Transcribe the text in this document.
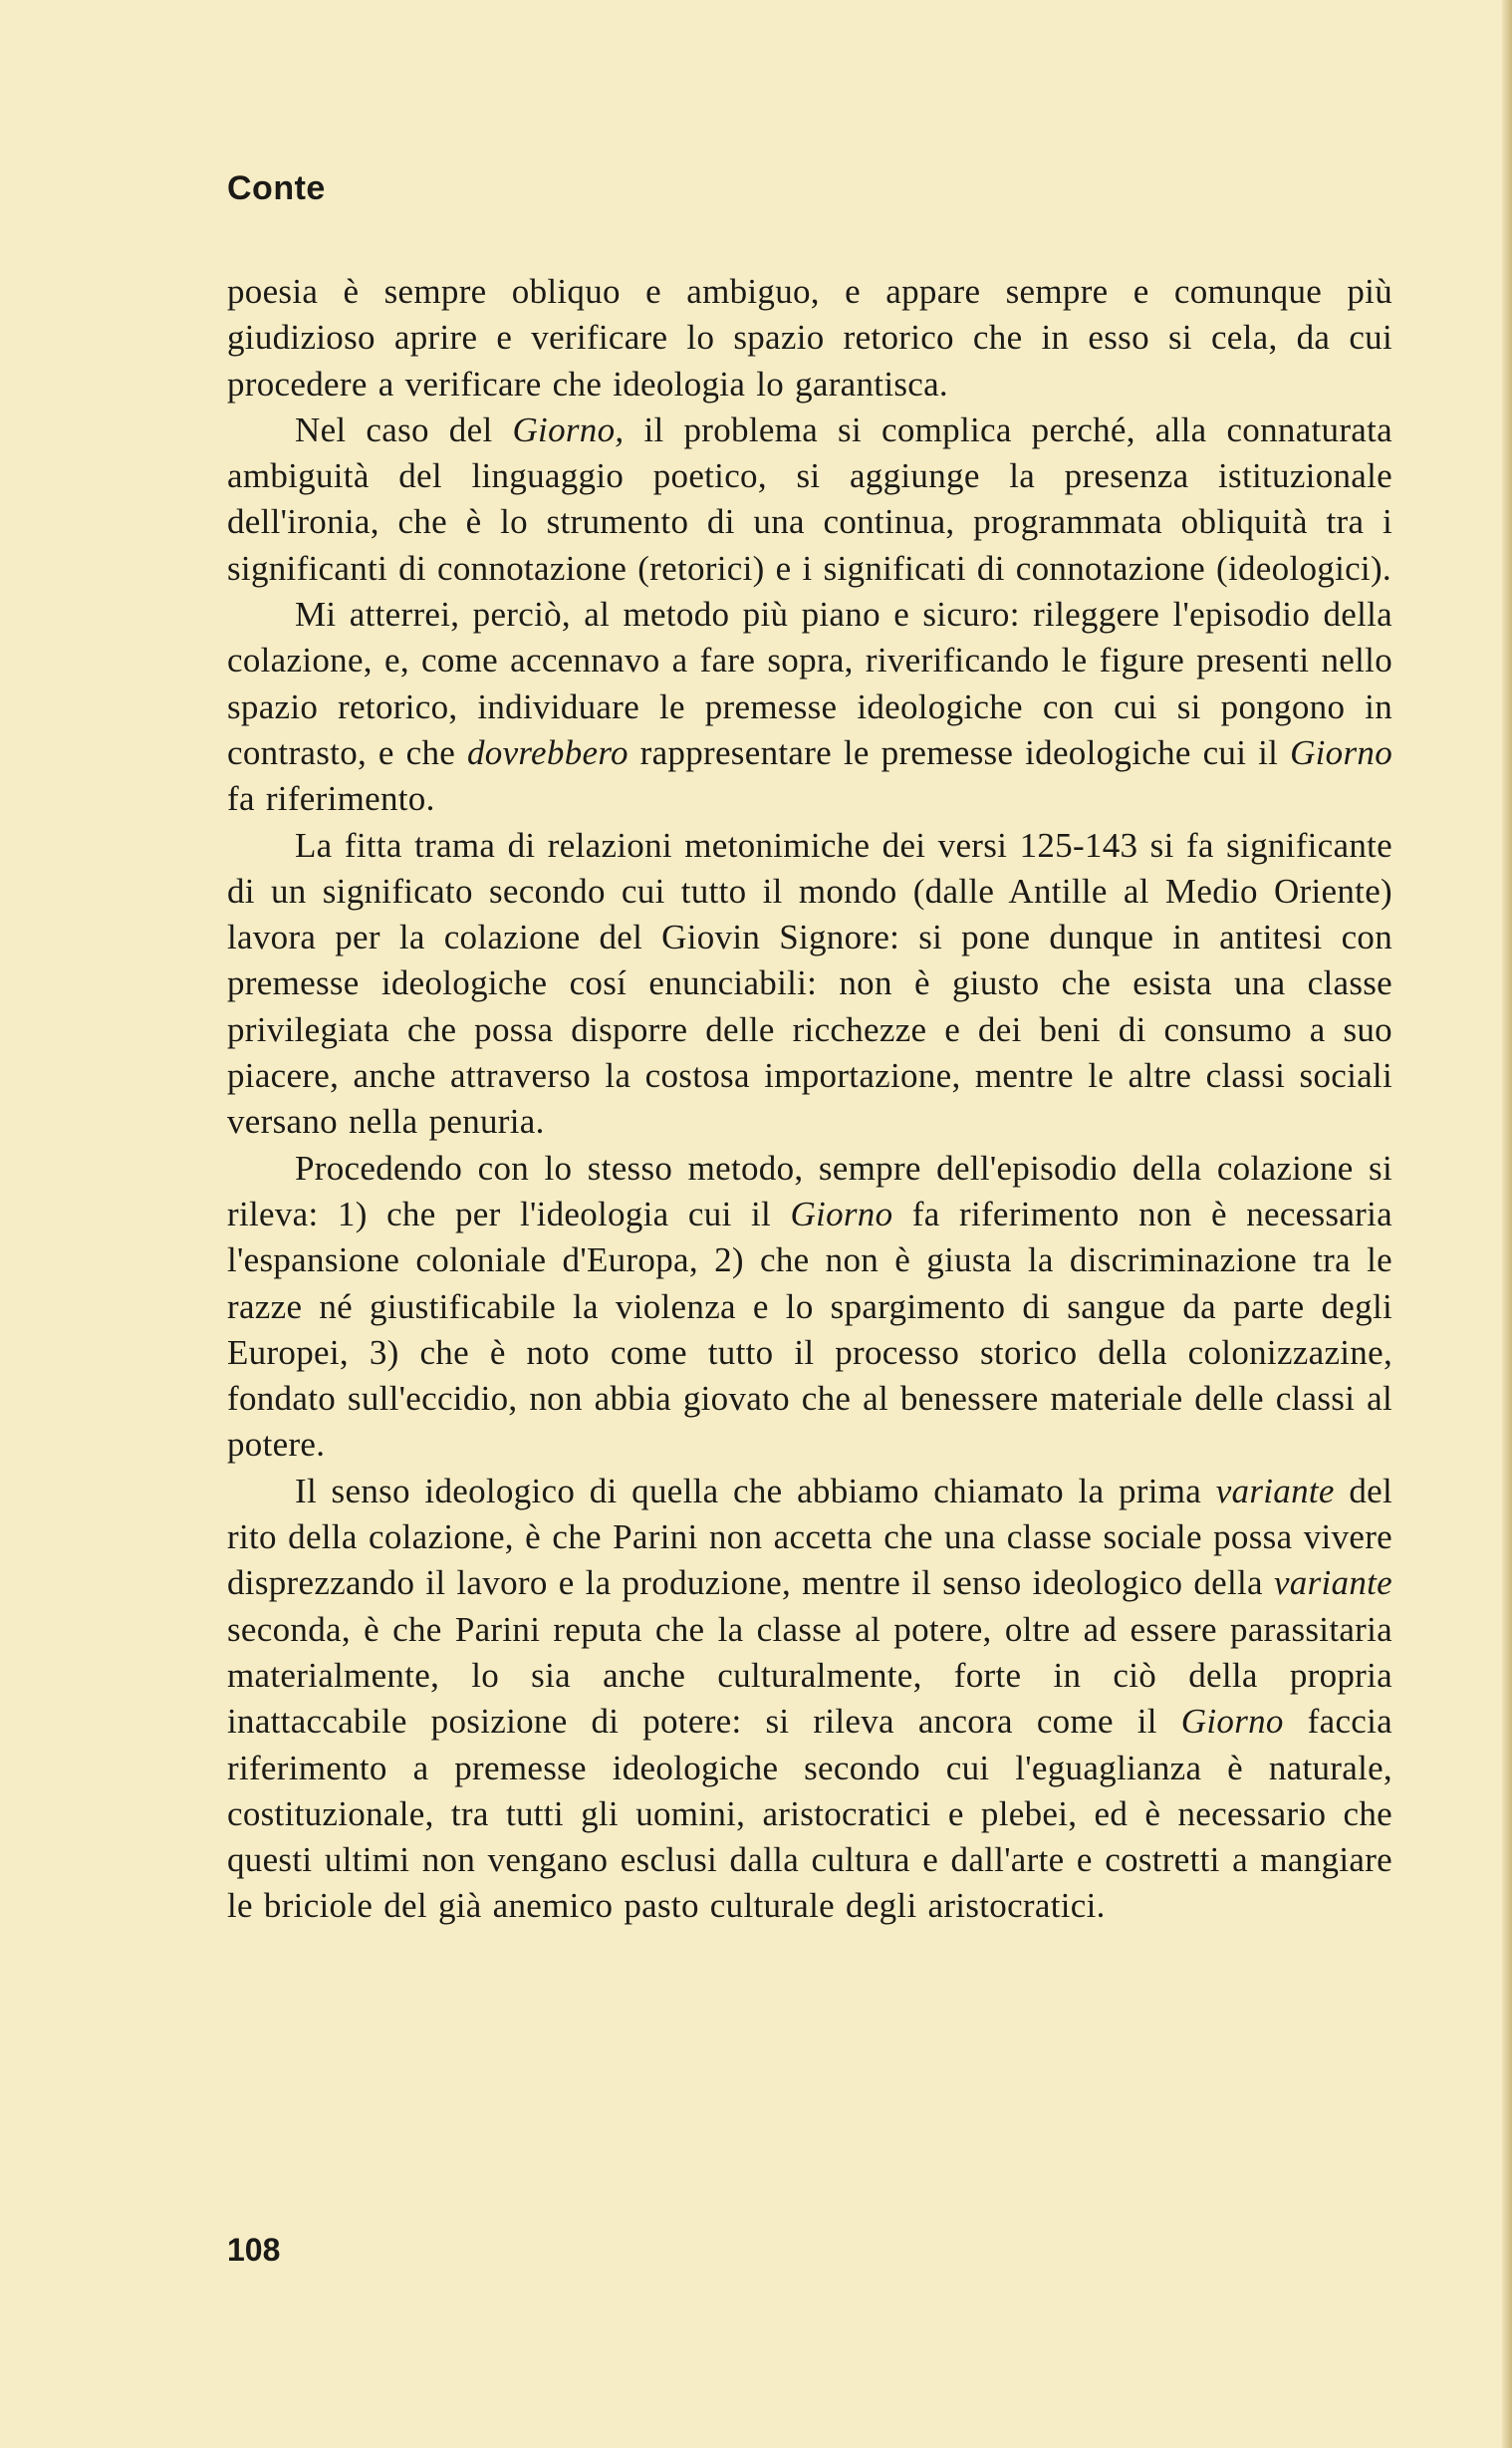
Conte

poesia è sempre obliquo e ambiguo, e appare sempre e comunque più giudizioso aprire e verificare lo spazio retorico che in esso si cela, da cui procedere a verificare che ideologia lo garantisca.

Nel caso del Giorno, il problema si complica perché, alla connaturata ambiguità del linguaggio poetico, si aggiunge la presenza istituzionale dell'ironia, che è lo strumento di una continua, programmata obliquità tra i significanti di connotazione (retorici) e i significati di connotazione (ideologici).

Mi atterrei, perciò, al metodo più piano e sicuro: rileggere l'episodio della colazione, e, come accennavo a fare sopra, riverificando le figure presenti nello spazio retorico, individuare le premesse ideologiche con cui si pongono in contrasto, e che dovrebbero rappresentare le premesse ideologiche cui il Giorno fa riferimento.

La fitta trama di relazioni metonimiche dei versi 125-143 si fa significante di un significato secondo cui tutto il mondo (dalle Antille al Medio Oriente) lavora per la colazione del Giovin Signore: si pone dunque in antitesi con premesse ideologiche cosí enunciabili: non è giusto che esista una classe privilegiata che possa disporre delle ricchezze e dei beni di consumo a suo piacere, anche attraverso la costosa importazione, mentre le altre classi sociali versano nella penuria.

Procedendo con lo stesso metodo, sempre dell'episodio della colazione si rileva: 1) che per l'ideologia cui il Giorno fa riferimento non è necessaria l'espansione coloniale d'Europa, 2) che non è giusta la discriminazione tra le razze né giustificabile la violenza e lo spargimento di sangue da parte degli Europei, 3) che è noto come tutto il processo storico della colonizzazine, fondato sull'eccidio, non abbia giovato che al benessere materiale delle classi al potere.

Il senso ideologico di quella che abbiamo chiamato la prima variante del rito della colazione, è che Parini non accetta che una classe sociale possa vivere disprezzando il lavoro e la produzione, mentre il senso ideologico della variante seconda, è che Parini reputa che la classe al potere, oltre ad essere parassitaria materialmente, lo sia anche culturalmente, forte in ciò della propria inattaccabile posizione di potere: si rileva ancora come il Giorno faccia riferimento a premesse ideologiche secondo cui l'eguaglianza è naturale, costituzionale, tra tutti gli uomini, aristocratici e plebei, ed è necessario che questi ultimi non vengano esclusi dalla cultura e dall'arte e costretti a mangiare le briciole del già anemico pasto culturale degli aristocratici.

108
